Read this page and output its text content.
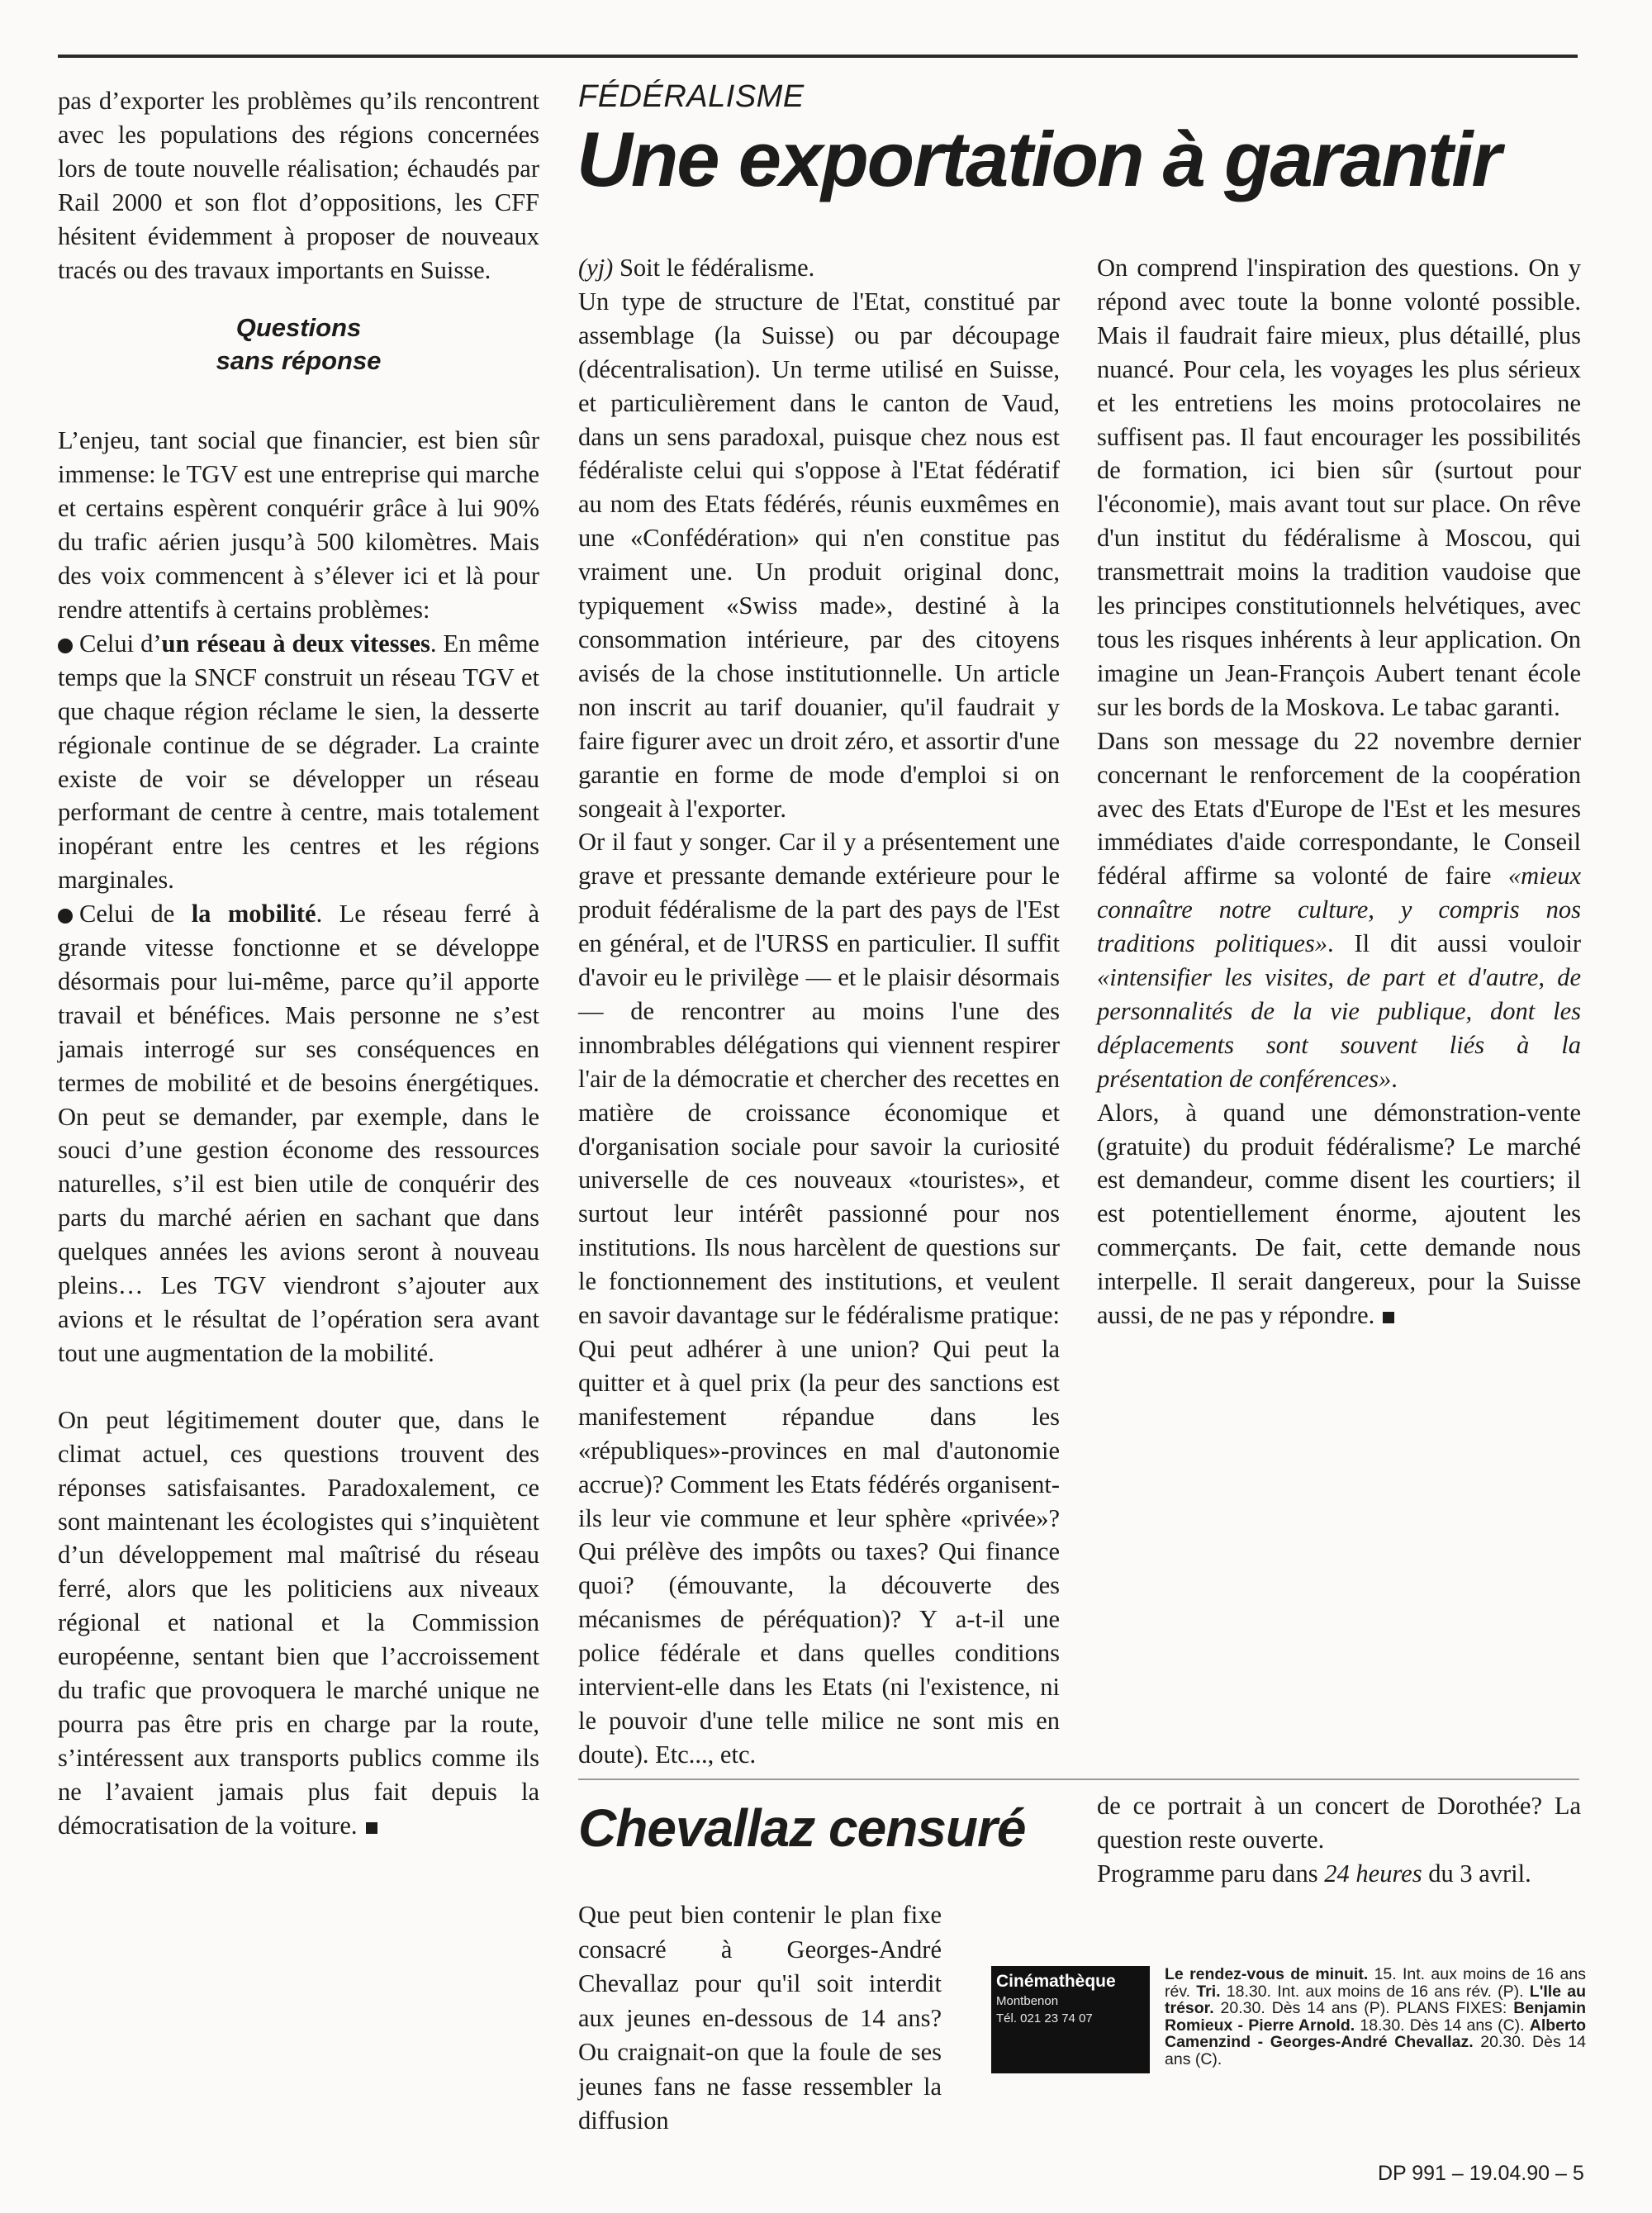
pas d’exporter les problèmes qu’ils rencontrent avec les populations des régions concernées lors de toute nouvelle réalisation; échaudés par Rail 2000 et son flot d’oppositions, les CFF hésitent évidemment à proposer de nouveaux tracés ou des travaux importants en Suisse.

Questions
sans réponse

L’enjeu, tant social que financier, est bien sûr immense: le TGV est une entreprise qui marche et certains espèrent conquérir grâce à lui 90% du trafic aérien jusqu’à 500 kilomètres. Mais des voix commencent à s’élever ici et là pour rendre attentifs à certains problèmes:

Celui d’un réseau à deux vitesses. En même temps que la SNCF construit un réseau TGV et que chaque région réclame le sien, la desserte régionale continue de se dégrader. La crainte existe de voir se développer un réseau performant de centre à centre, mais totalement inopérant entre les centres et les régions marginales.

Celui de la mobilité. Le réseau ferré à grande vitesse fonctionne et se développe désormais pour lui-même, parce qu’il apporte travail et bénéfices. Mais personne ne s’est jamais interrogé sur ses conséquences en termes de mobilité et de besoins énergétiques. On peut se demander, par exemple, dans le souci d’une gestion économe des ressources naturelles, s’il est bien utile de conquérir des parts du marché aérien en sachant que dans quelques années les avions seront à nouveau pleins… Les TGV viendront s’ajouter aux avions et le résultat de l’opération sera avant tout une augmentation de la mobilité.

On peut légitimement douter que, dans le climat actuel, ces questions trouvent des réponses satisfaisantes. Paradoxalement, ce sont maintenant les écologistes qui s’inquiètent d’un développement mal maîtrisé du réseau ferré, alors que les politiciens aux niveaux régional et national et la Commission européenne, sentant bien que l’accroissement du trafic que provoquera le marché unique ne pourra pas être pris en charge par la route, s’intéressent aux transports publics comme ils ne l’avaient jamais plus fait depuis la démocratisation de la voiture.

FÉDÉRALISME
Une exportation à garantir

(yj) Soit le fédéralisme.

Un type de structure de l'Etat, constitué par assemblage (la Suisse) ou par découpage (décentralisation). Un terme utilisé en Suisse, et particulièrement dans le canton de Vaud, dans un sens paradoxal, puisque chez nous est fédéraliste celui qui s'oppose à l'Etat fédératif au nom des Etats fédérés, réunis euxmêmes en une «Confédération» qui n'en constitue pas vraiment une. Un produit original donc, typiquement «Swiss made», destiné à la consommation intérieure, par des citoyens avisés de la chose institutionnelle. Un article non inscrit au tarif douanier, qu'il faudrait y faire figurer avec un droit zéro, et assortir d'une garantie en forme de mode d'emploi si on songeait à l'exporter.

Or il faut y songer. Car il y a présentement une grave et pressante demande extérieure pour le produit fédéralisme de la part des pays de l'Est en général, et de l'URSS en particulier. Il suffit d'avoir eu le privilège — et le plaisir désormais — de rencontrer au moins l'une des innombrables délégations qui viennent respirer l'air de la démocratie et chercher des recettes en matière de croissance économique et d'organisation sociale pour savoir la curiosité universelle de ces nouveaux «touristes», et surtout leur intérêt passionné pour nos institutions. Ils nous harcèlent de questions sur le fonctionnement des institutions, et veulent en savoir davantage sur le fédéralisme pratique: Qui peut adhérer à une union? Qui peut la quitter et à quel prix (la peur des sanctions est manifestement répandue dans les «républiques»-provinces en mal d'autonomie accrue)? Comment les Etats fédérés organisent-ils leur vie commune et leur sphère «privée»? Qui prélève des impôts ou taxes? Qui finance quoi? (émouvante, la découverte des mécanismes de péréquation)? Y a-t-il une police fédérale et dans quelles conditions intervient-elle dans les Etats (ni l'existence, ni le pouvoir d'une telle milice ne sont mis en doute). Etc..., etc.

On comprend l'inspiration des questions. On y répond avec toute la bonne volonté possible. Mais il faudrait faire mieux, plus détaillé, plus nuancé. Pour cela, les voyages les plus sérieux et les entretiens les moins protocolaires ne suffisent pas. Il faut encourager les possibilités de formation, ici bien sûr (surtout pour l'économie), mais avant tout sur place. On rêve d'un institut du fédéralisme à Moscou, qui transmettrait moins la tradition vaudoise que les principes constitutionnels helvétiques, avec tous les risques inhérents à leur application. On imagine un Jean-François Aubert tenant école sur les bords de la Moskova. Le tabac garanti.

Dans son message du 22 novembre dernier concernant le renforcement de la coopération avec des Etats d'Europe de l'Est et les mesures immédiates d'aide correspondante, le Conseil fédéral affirme sa volonté de faire «mieux connaître notre culture, y compris nos traditions politiques». Il dit aussi vouloir «intensifier les visites, de part et d'autre, de personnalités de la vie publique, dont les déplacements sont souvent liés à la présentation de conférences».

Alors, à quand une démonstration-vente (gratuite) du produit fédéralisme? Le marché est demandeur, comme disent les courtiers; il est potentiellement énorme, ajoutent les commerçants. De fait, cette demande nous interpelle. Il serait dangereux, pour la Suisse aussi, de ne pas y répondre.

Chevallaz censuré

Que peut bien contenir le plan fixe consacré à Georges-André Chevallaz pour qu'il soit interdit aux jeunes en-dessous de 14 ans? Ou craignait-on que la foule de ses jeunes fans ne fasse ressembler la diffusion

de ce portrait à un concert de Dorothée? La question reste ouverte.

Programme paru dans 24 heures du 3 avril.

Cinémathèque
Montbenon
Tél. 021 23 74 07
Le rendez-vous de minuit. 15. Int. aux moins de 16 ans rév. Tri. 18.30. Int. aux moins de 16 ans rév. (P). L'Ile au trésor. 20.30. Dès 14 ans (P). PLANS FIXES: Benjamin Romieux - Pierre Arnold. 18.30. Dès 14 ans (C). Alberto Camenzind - Georges-André Chevallaz. 20.30. Dès 14 ans (C).
DP 991 – 19.04.90 – 5
